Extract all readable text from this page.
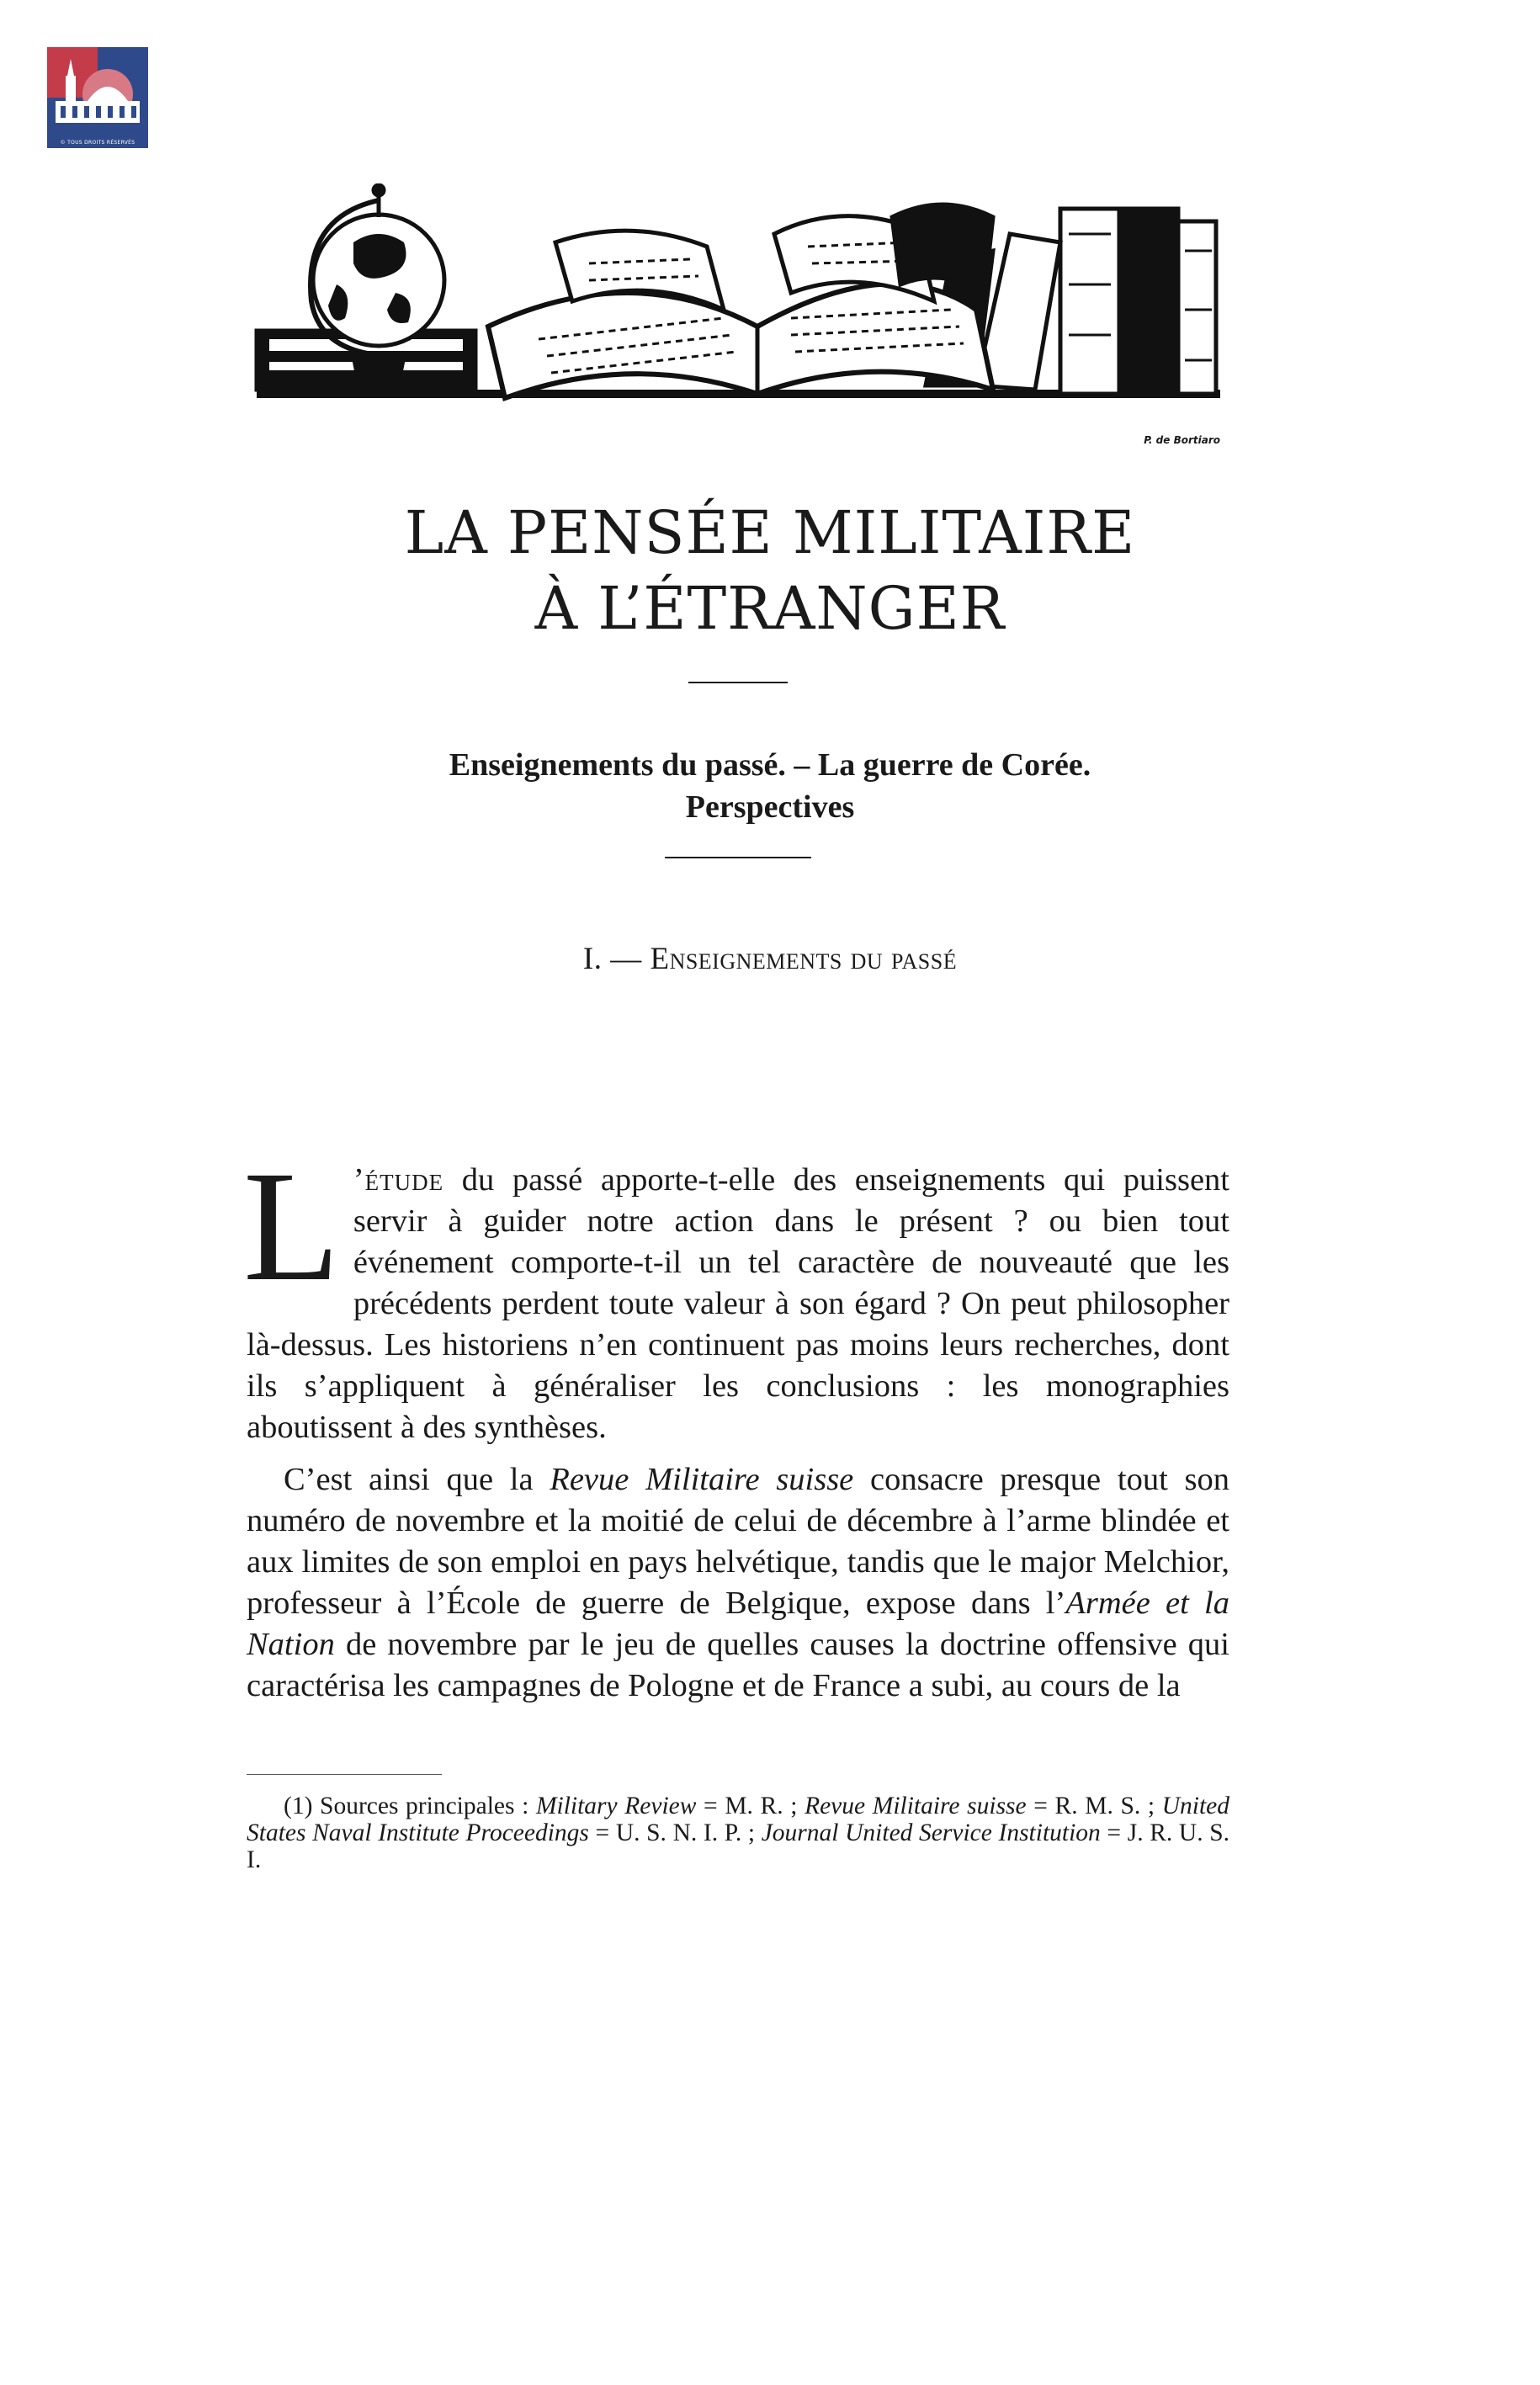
© TOUS DROITS RÉSERVÉS
P. de Bortiaro
LA PENSÉE MILITAIRE
À L’ÉTRANGER
Enseignements du passé. – La guerre de Corée.
Perspectives
I. — Enseignements du passé

L ’étude du passé apporte-t-elle des enseignements qui puissent servir à guider notre action dans le présent ? ou bien tout événement comporte-t-il un tel caractère de nouveauté que les précédents perdent toute valeur à son égard ? On peut philosopher là-dessus. Les historiens n’en continuent pas moins leurs recherches, dont ils s’appliquent à généraliser les conclusions : les monographies aboutissent à des synthèses.

C’est ainsi que la Revue Militaire suisse consacre presque tout son numéro de novembre et la moitié de celui de décembre à l’arme blindée et aux limites de son emploi en pays helvétique, tandis que le major Melchior, professeur à l’École de guerre de Belgique, expose dans l’Armée et la Nation de novembre par le jeu de quelles causes la doctrine offensive qui caractérisa les campagnes de Pologne et de France a subi, au cours de la

(1) Sources principales : Military Review = M. R. ; Revue Militaire suisse = R. M. S. ; United States Naval Institute Proceedings = U. S. N. I. P. ; Journal United Service Institution = J. R. U. S. I.
